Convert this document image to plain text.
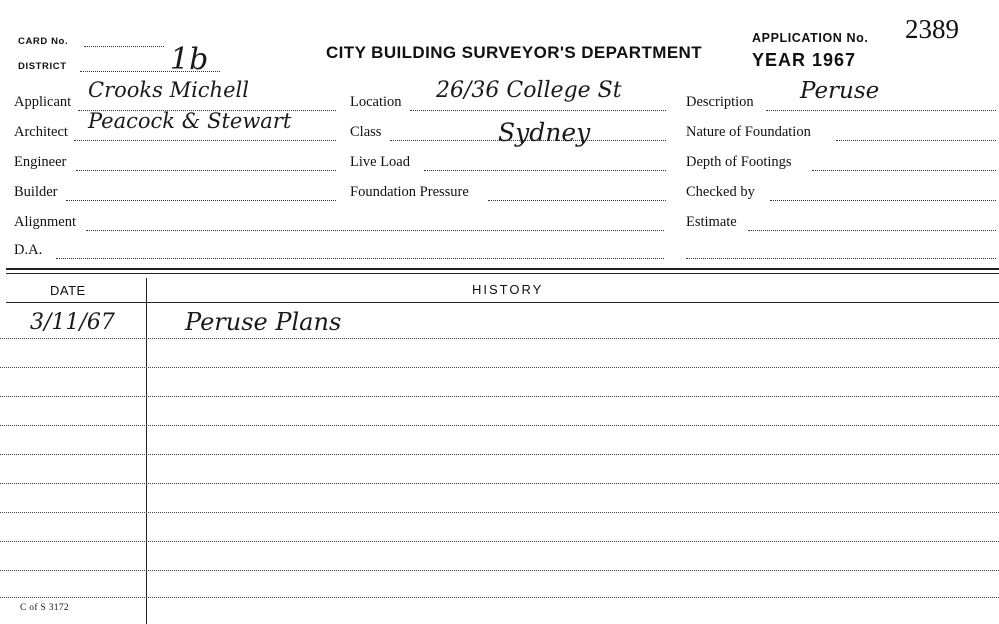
CARD No.
DISTRICT	1b	CITY BUILDING SURVEYOR'S DEPARTMENT
APPLICATION No. 2389
YEAR 1967
Applicant Crooks Michell
Architect Peacock & Stewart
Engineer
Builder
Alignment
D.A.
Location 26/36 College St
Class	Sydney
Live Load
Foundation Pressure
Description Peruse
Nature of Foundation
Depth of Footings
Checked by
Estimate
DATE	HISTORY
3/11/67	Peruse Plans
C of S 3172
